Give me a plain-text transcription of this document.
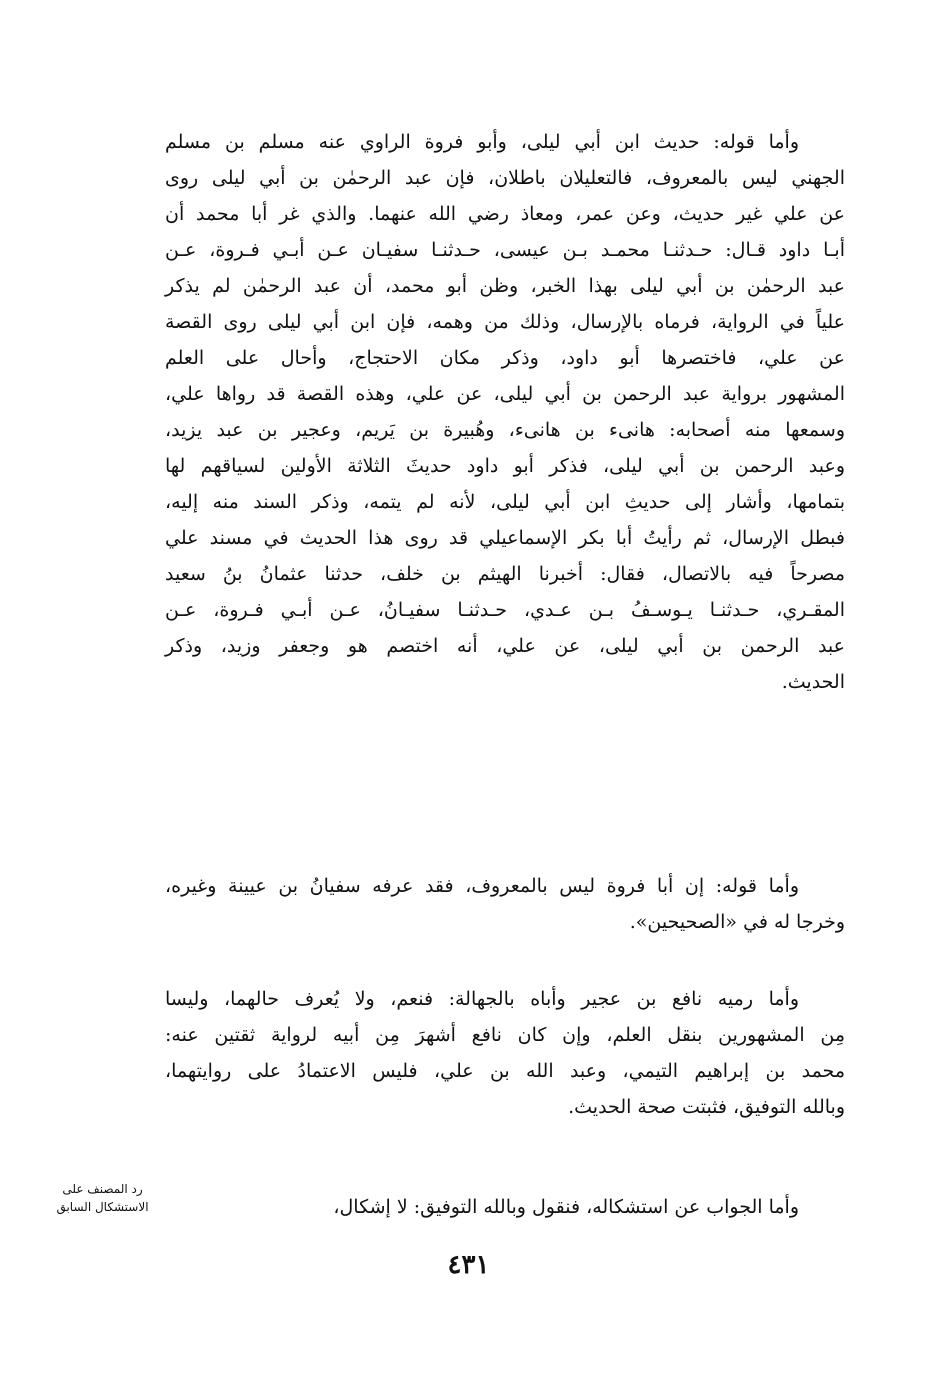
وأما قوله: حديث ابن أبي ليلى، وأبو فروة الراوي عنه مسلم بن مسلم
الجهني ليس بالمعروف، فالتعليلان باطلان، فإن عبد الرحمٰن بن أبي ليلى روى
عن علي غير حديث، وعن عمر، ومعاذ رضي الله عنهما. والذي غر أبا محمد أن
أبـا داود قـال: حـدثنـا محمـد بـن عيسى، حـدثنـا سفيـان عـن أبـي فـروة، عـن
عبد الرحمٰن بن أبي ليلى بهذا الخبر، وظن أبو محمد، أن عبد الرحمٰن لم يذكر
علياً في الرواية، فرماه بالإرسال، وذلك من وهمه، فإن ابن أبي ليلى روى القصة
عن علي، فاختصرها أبو داود، وذكر مكان الاحتجاج، وأحال على العلم
المشهور برواية عبد الرحمن بن أبي ليلى، عن علي، وهذه القصة قد رواها علي،
وسمعها منه أصحابه: هانىء بن هانىء، وهُبيرة بن يَريم، وعجير بن عبد يزيد،
وعبد الرحمن بن أبي ليلى، فذكر أبو داود حديثَ الثلاثة الأولين لسياقهم لها
بتمامها، وأشار إلى حديثِ ابن أبي ليلى، لأنه لم يتمه، وذكر السند منه إليه،
فبطل الإرسال، ثم رأيتُ أبا بكر الإسماعيلي قد روى هذا الحديث في مسند علي
مصرحاً فيه بالاتصال، فقال: أخبرنا الهيثم بن خلف، حدثنا عثمانُ بنُ سعيد
المقـري، حـدثنـا يـوسـفُ بـن عـدي، حـدثنـا سفيـانُ، عـن أبـي فـروة، عـن
عبد الرحمن بن أبي ليلى، عن علي، أنه اختصم هو وجعفر وزيد، وذكر
الحديث.
وأما قوله: إن أبا فروة ليس بالمعروف، فقد عرفه سفيانُ بن عيينة وغيره،
وخرجا له في «الصحيحين».
وأما رميه نافع بن عجير وأباه بالجهالة: فنعم، ولا يُعرف حالهما، وليسا
مِن المشهورين بنقل العلم، وإن كان نافع أشهرَ مِن أبيه لرواية ثقتين عنه:
محمد بن إبراهيم التيمي، وعبد الله بن علي، فليس الاعتمادُ على روايتهما،
وبالله التوفيق، فثبتت صحة الحديث.
وأما الجواب عن استشكاله، فنقول وبالله التوفيق: لا إشكال،
رد المصنف على
الاستشكال السابق
٤٣١
